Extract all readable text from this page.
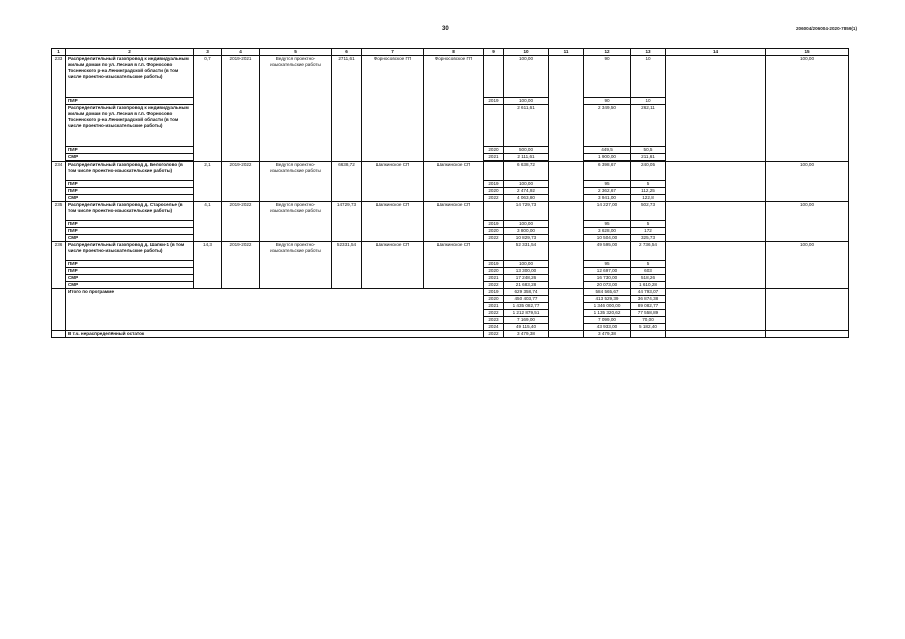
30	206004/206004-2020-7859(1)
1	2	3	4	5	6	7	8	9	10	11	12	13	14	15
233	Распределительный газопровод к индивидуальным жилым домам по ул. Лесная в г.п. Форносово Тосненского р-на Ленинградской области (в том числе проектно-изыскательские работы)	0,7	2019-2021	Ведутся проектно-изыскательские работы	2711,61	Форносовское ГП	Форносовское ГП		100,00		90	10		100,00
	ПИР							2019	100,00		90	10		
	Распределительный газопровод к индивидуальным жилым домам по ул. Лесная в г.п. Форносово Тосненского р-на Ленинградской области (в том числе проектно-изыскательские работы)								2 611,61		2 349,50	262,11		
	ПИР							2020	500,00		449,5	50,5		
	СМР							2021	2 111,61		1 900,00	211,61		

234	Распределительный газопровод д. Белоголово (в том числе проектно-изыскательские работы)	2,1	2019-2022	Ведутся проектно-изыскательские работы	6638,72	Шапкинское СП	Шапкинское СП		6 638,72		6 398,67	240,05		100,00
	ПИР							2019	100,00		95	5		
	ПИР							2020	2 474,92		2 362,67	112,25		
	СМР							2022	4 063,80		3 941,00	122,8		
235	Распределительный газопровод д. Староселье (в том числе проектно-изыскательские работы)	4,1	2019-2022	Ведутся проектно-изыскательские работы	14729,73	Шапкинское СП	Шапкинское СП		14 729,73		14 227,00	502,73		100,00
	ПИР							2019	100,00		95	5		
	ПИР							2020	3 800,00		3 628,00	172		
	СМР							2022	10 829,73		10 504,00	325,73		
236	Распределительный газопровод д. Шапки-1 (в том числе проектно-изыскательские работы)	14,3	2019-2022	Ведутся проектно-изыскательские работы	52331,54	Шапкинское СП	Шапкинское СП		52 331,54		49 595,00	2 736,54		100,00
	ПИР							2019	100,00		95	5		
	ПИР							2020	13 300,00		12 697,00	603		
	СМР							2021	17 248,26		16 730,00	518,26		
	СМР							2022	21 683,28		20 073,00	1 610,28		
	Итого по программе							2019	629 358,74		584 565,67	44 793,07		
								2020	450 403,77		413 529,39	36 874,38		
								2021	1 435 082,77		1 346 000,00	89 082,77		
								2022	1 212 879,51		1 135 320,62	77 558,89		
								2023	7 169,00		7 099,00	70,00		
								2024	49 115,40		43 933,00	5 182,40		
	В т.ч. нераспределённый остаток							2022	3 479,38		3 479,38			
